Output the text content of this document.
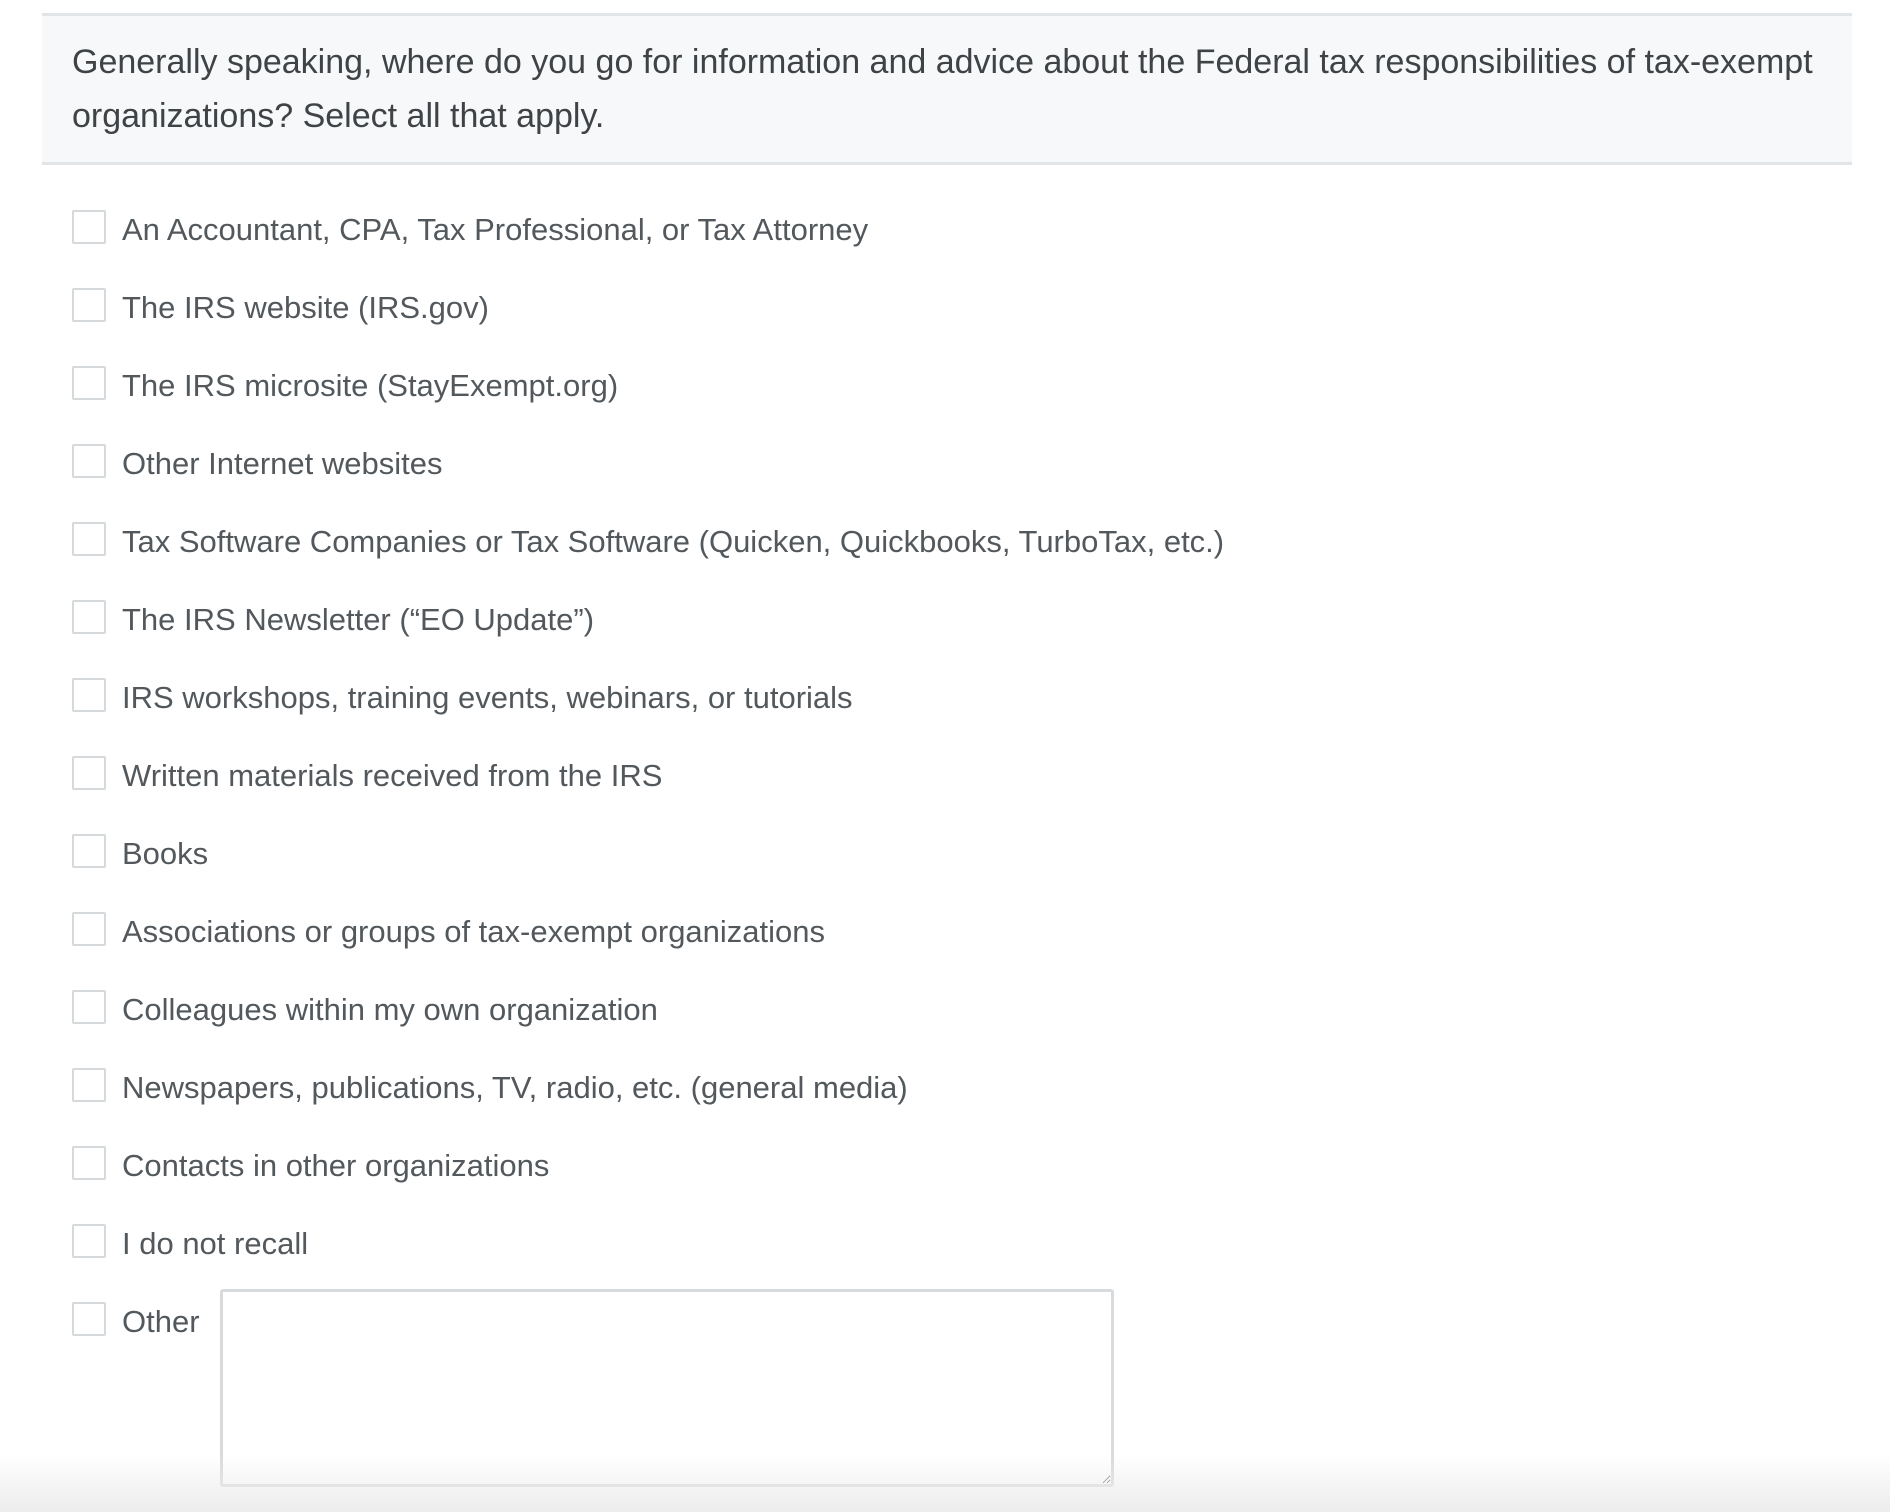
Generally speaking, where do you go for information and advice about the Federal tax responsibilities of tax-exempt organizations? Select all that apply.

An Accountant, CPA, Tax Professional, or Tax Attorney
The IRS website (IRS.gov)
The IRS microsite (StayExempt.org)
Other Internet websites
Tax Software Companies or Tax Software (Quicken, Quickbooks, TurboTax, etc.)
The IRS Newsletter (“EO Update”)
IRS workshops, training events, webinars, or tutorials
Written materials received from the IRS
Books
Associations or groups of tax-exempt organizations
Colleagues within my own organization
Newspapers, publications, TV, radio, etc. (general media)
Contacts in other organizations
I do not recall
Other
